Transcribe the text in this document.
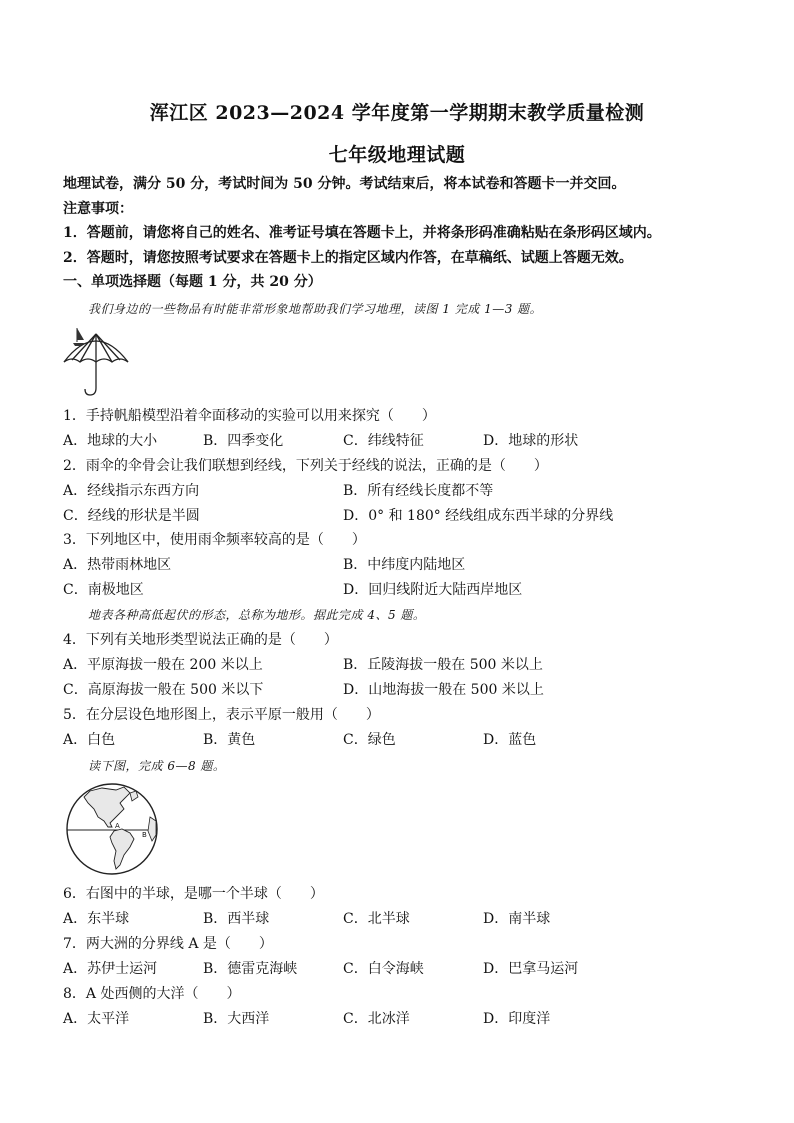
浑江区 2023—2024 学年度第一学期期末教学质量检测
七年级地理试题
地理试卷，满分 50 分，考试时间为 50 分钟。考试结束后，将本试卷和答题卡一并交回。
注意事项：
1．答题前，请您将自己的姓名、准考证号填在答题卡上，并将条形码准确粘贴在条形码区域内。
2．答题时，请您按照考试要求在答题卡上的指定区域内作答，在草稿纸、试题上答题无效。
一、单项选择题（每题 1 分，共 20 分）
我们身边的一些物品有时能非常形象地帮助我们学习地理，读图 1 完成 1—3 题。
1．手持帆船模型沿着伞面移动的实验可以用来探究（　　）
A．地球的大小	B．四季变化	C．纬线特征	D．地球的形状
2．雨伞的伞骨会让我们联想到经线，下列关于经线的说法，正确的是（　　）
A．经线指示东西方向	B．所有经线长度都不等
C．经线的形状是半圆	D．0° 和 180° 经线组成东西半球的分界线
3．下列地区中，使用雨伞频率较高的是（　　）
A．热带雨林地区	B．中纬度内陆地区
C．南极地区	D．回归线附近大陆西岸地区
地表各种高低起伏的形态，总称为地形。据此完成 4、5 题。
4．下列有关地形类型说法正确的是（　　）
A．平原海拔一般在 200 米以上	B．丘陵海拔一般在 500 米以上
C．高原海拔一般在 500 米以下	D．山地海拔一般在 500 米以上
5．在分层设色地形图上，表示平原一般用（　　）
A．白色	B．黄色	C．绿色	D．蓝色
读下图，完成 6—8 题。
A
B
6．右图中的半球，是哪一个半球（　　）
A．东半球	B．西半球	C．北半球	D．南半球
7．两大洲的分界线 A 是（　　）
A．苏伊士运河	B．德雷克海峡	C．白令海峡	D．巴拿马运河
8．A 处西侧的大洋（　　）
A．太平洋	B．大西洋	C．北冰洋	D．印度洋
